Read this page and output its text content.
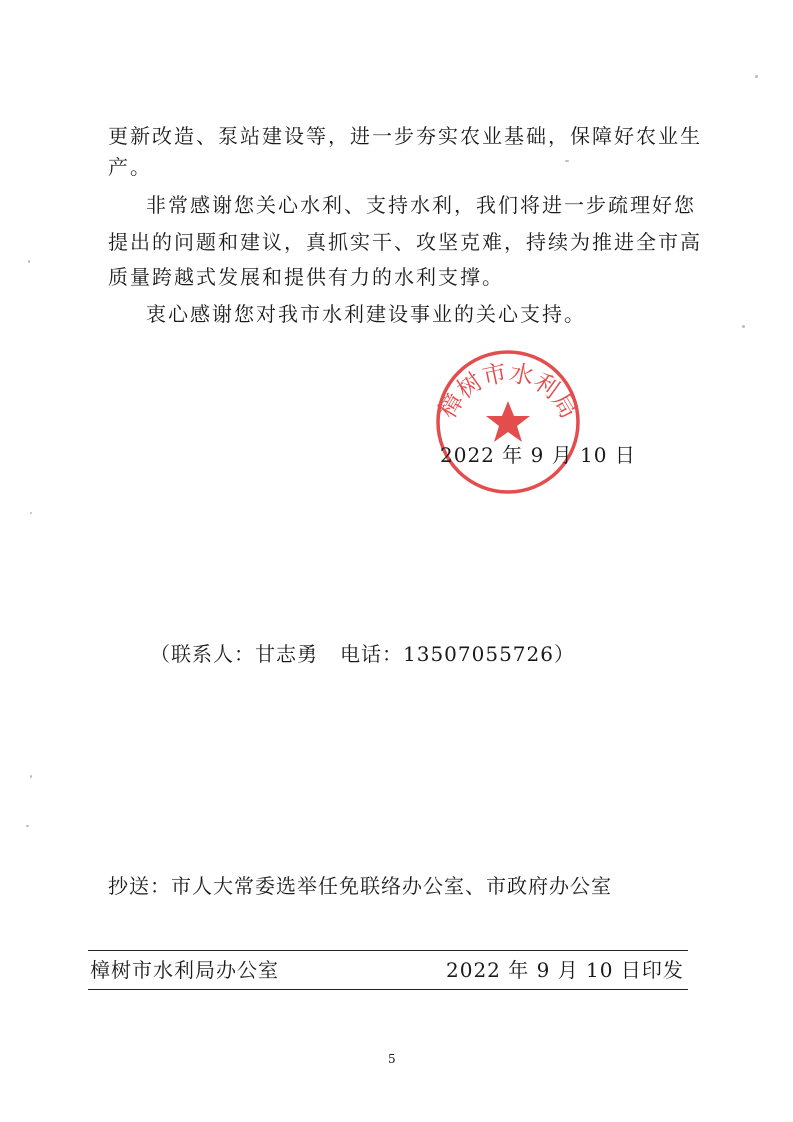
更新改造、泵站建设等，进一步夯实农业基础，保障好农业生
产。
非常感谢您关心水利、支持水利，我们将进一步疏理好您
提出的问题和建议，真抓实干、攻坚克难，持续为推进全市高
质量跨越式发展和提供有力的水利支撑。
衷心感谢您对我市水利建设事业的关心支持。
樟树市水利局
2022 年 9 月 10 日
（联系人：甘志勇 电话：13507055726）
抄送：市人大常委选举任免联络办公室、市政府办公室
樟树市水利局办公室	2022 年 9 月 10 日印发
5
